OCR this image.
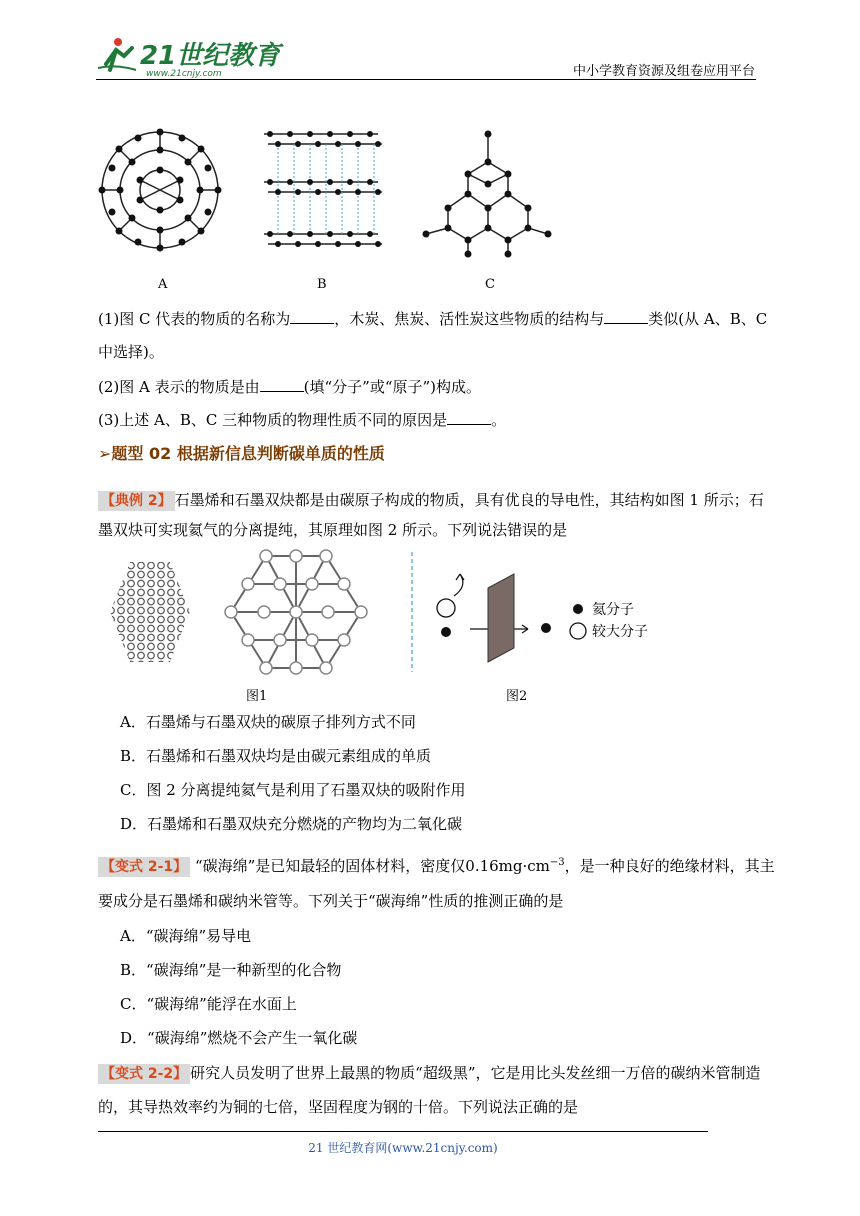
21世纪教育
www.21cnjy.com	中小学教育资源及组卷应用平台
A	B	C
(1)图 C 代表的物质的名称为	，木炭、焦炭、活性炭这些物质的结构与	类似(从 A、B、C
中选择)。
(2)图 A 表示的物质是由	(填“分子”或“原子”)构成。
(3)上述 A、B、C 三种物质的物理性质不同的原因是	。
➢题型 02 根据新信息判断碳单质的性质
【典例 2】 石墨烯和石墨双炔都是由碳原子构成的物质，具有优良的导电性，其结构如图 1 所示；石
墨双炔可实现氦气的分离提纯，其原理如图 2 所示。下列说法错误的是
氦分子
较大分子
图1	图2
A．石墨烯与石墨双炔的碳原子排列方式不同
B．石墨烯和石墨双炔均是由碳元素组成的单质
C．图 2 分离提纯氦气是利用了石墨双炔的吸附作用
D．石墨烯和石墨双炔充分燃烧的产物均为二氧化碳
【变式 2-1】 “碳海绵”是已知最轻的固体材料，密度仅$0.16mg\cdot cm^{-3}$，是一种良好的绝缘材料，其主
要成分是石墨烯和碳纳米管等。下列关于“碳海绵”性质的推测正确的是
A．“碳海绵”易导电
B．“碳海绵”是一种新型的化合物
C．“碳海绵”能浮在水面上
D．“碳海绵”燃烧不会产生一氧化碳
【变式 2-2】 研究人员发明了世界上最黑的物质“超级黑”，它是用比头发丝细一万倍的碳纳米管制造
的，其导热效率约为铜的七倍，坚固程度为钢的十倍。下列说法正确的是
21 世纪教育网(www.21cnjy.com)
